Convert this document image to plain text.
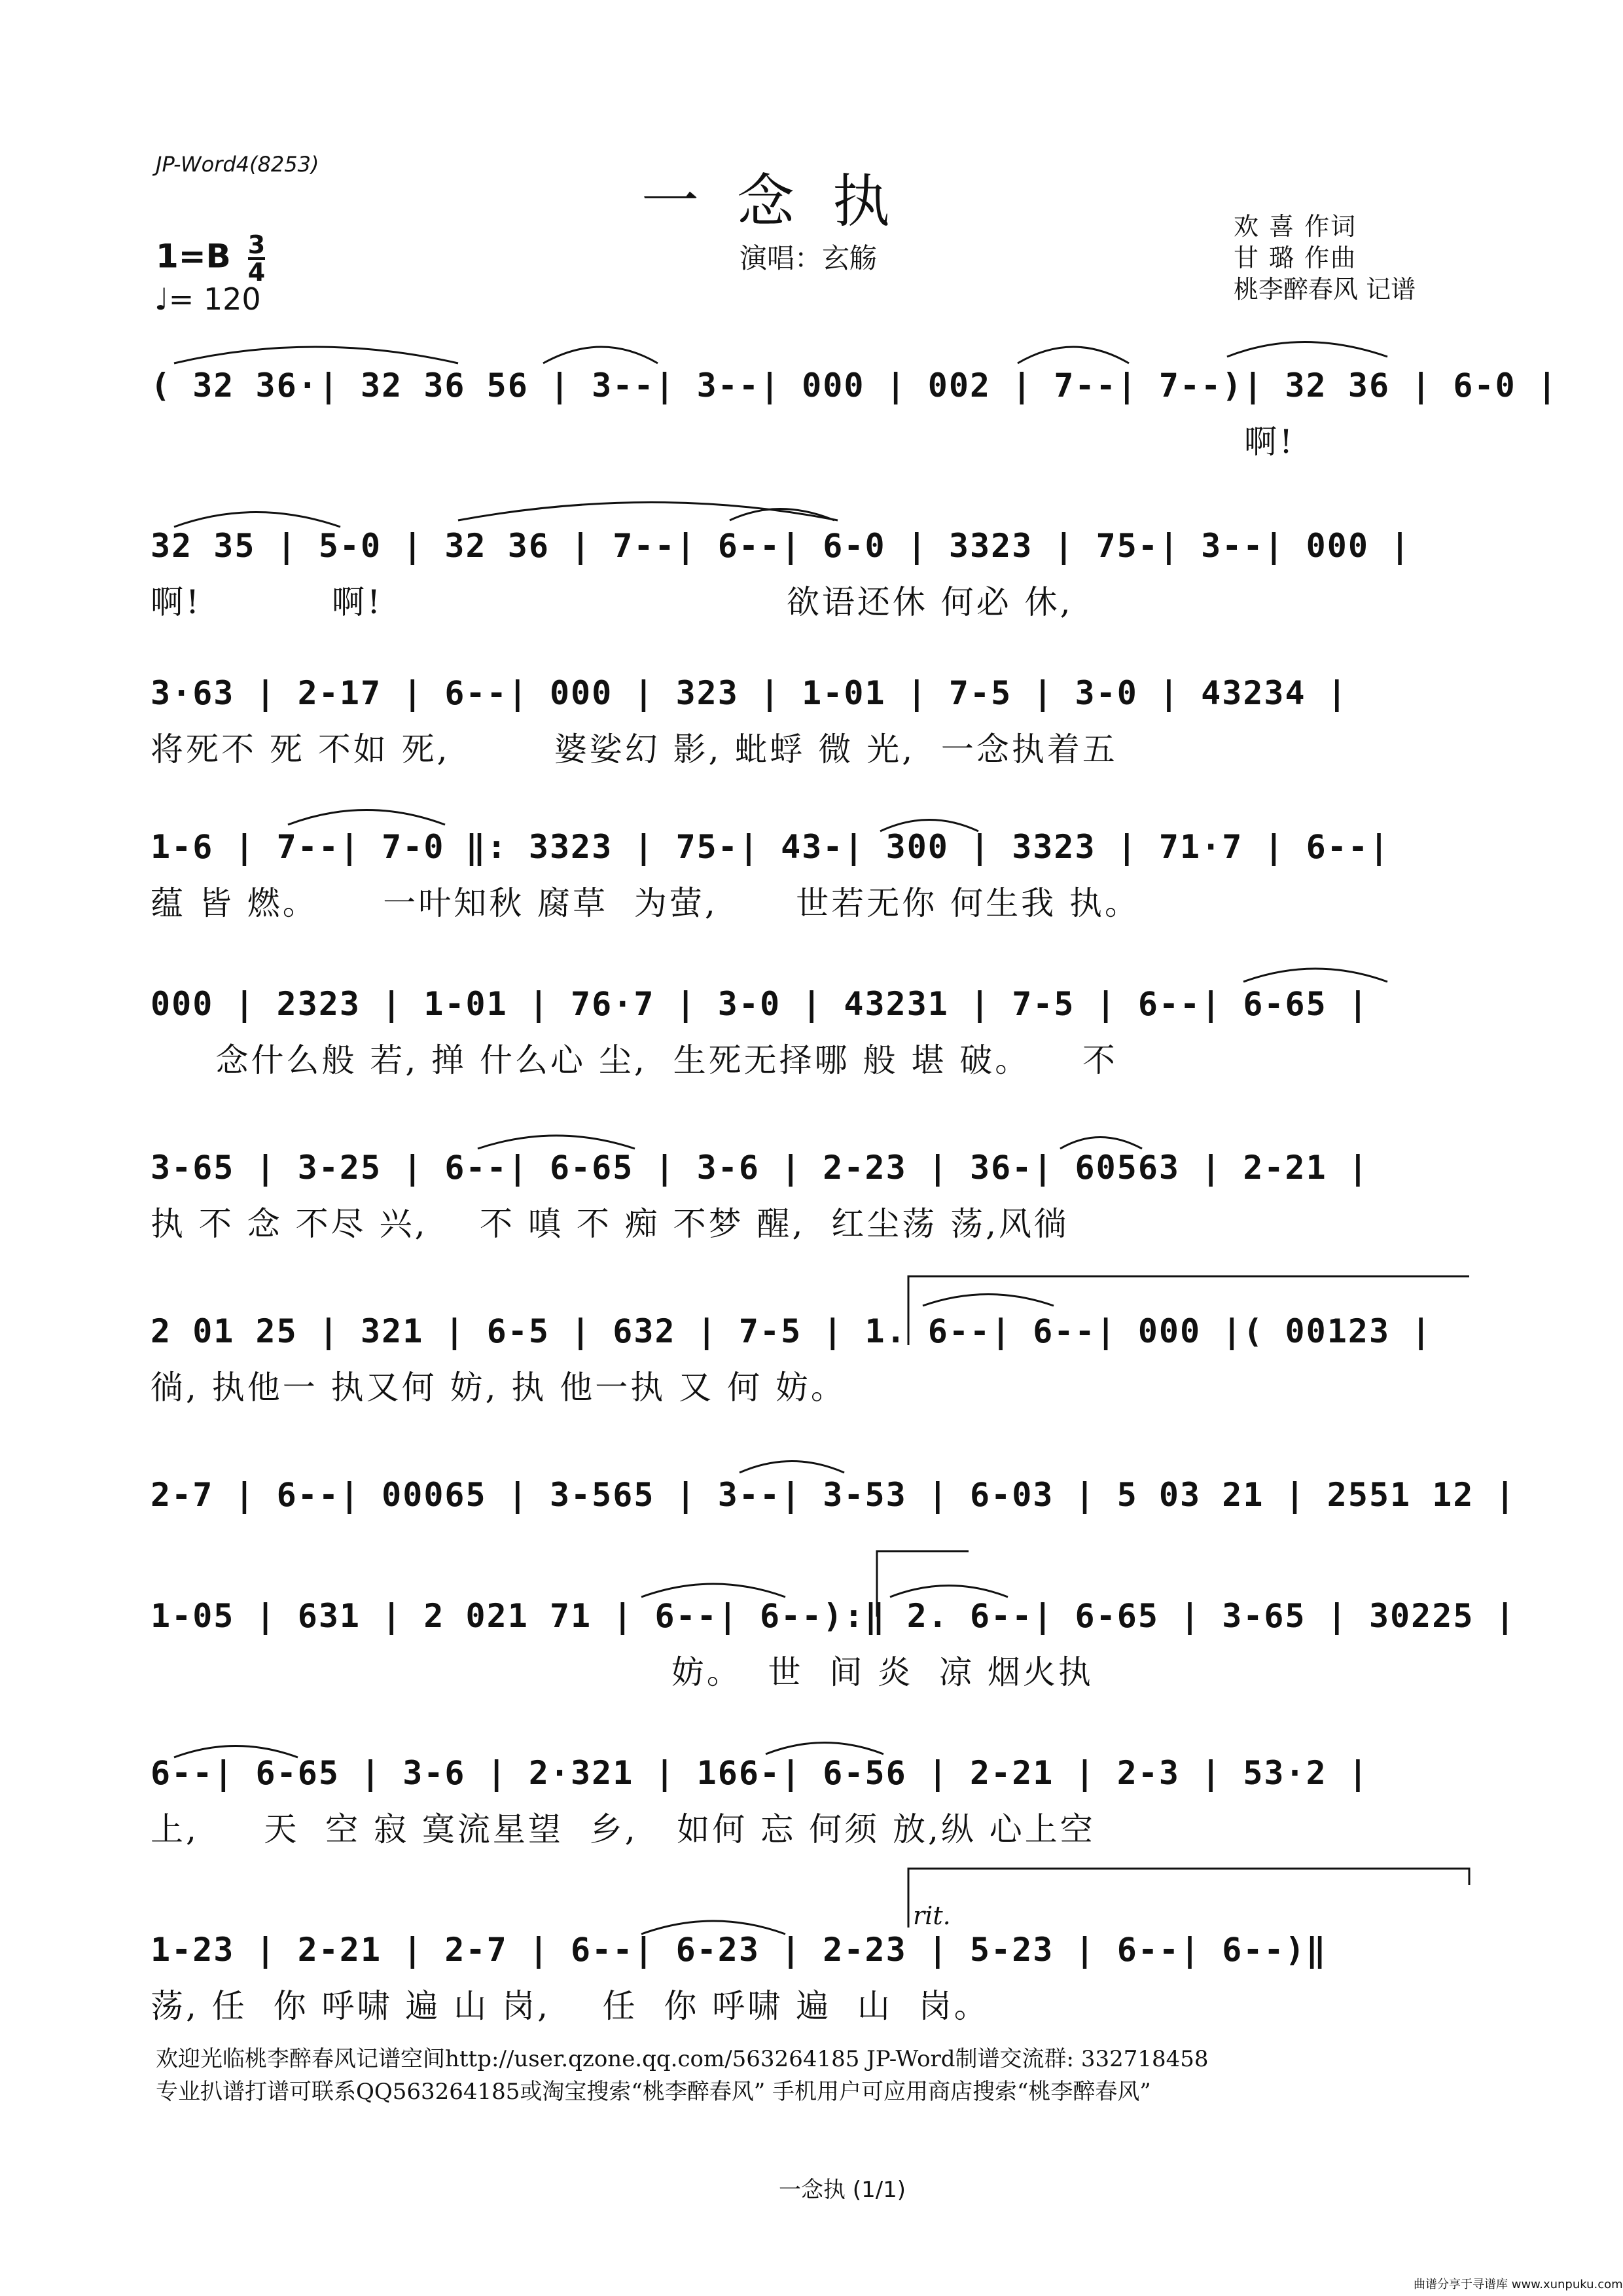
JP-Word4(8253)
一念执
$1=B \frac{3}{4}$
♩= 120
演唱：玄觞
欢 喜 作词
甘 璐 作曲
桃李醉春风 记谱
( 32 36·| 32 36 56 | 3--| 3--| 000 | 002 | 7--| 7--)| 32 36 | 6-0 |
啊!
32 35 | 5-0 | 32 36 | 7--| 6--| 6-0 | 3323 | 75-| 3--| 000 |
啊!          啊!                               欲语还休 何必 休,
3·63 | 2-17 | 6--| 000 | 323 | 1-01 | 7-5 | 3-0 | 43234 |
将死不 死 不如 死,        婆娑幻 影, 蚍蜉 微 光,  一念执着五
1-6 | 7--| 7-0 ‖: 3323 | 75-| 43-| 300 | 3323 | 71·7 | 6--|
蕴 皆 燃。     一叶知秋 腐草  为萤,      世若无你 何生我 执。
000 | 2323 | 1-01 | 76·7 | 3-0 | 43231 | 7-5 | 6--| 6-65 |
念什么般 若, 掸 什么心 尘,  生死无择哪 般 堪 破。    不
3-65 | 3-25 | 6--| 6-65 | 3-6 | 2-23 | 36-| 60563 | 2-21 |
执 不 念 不尽 兴,    不 嗔 不 痴 不梦 醒,  红尘荡 荡,风徜
2 01 25 | 321 | 6-5 | 632 | 7-5 | 1. 6--| 6--| 000 |( 00123 |
徜, 执他一 执又何 妨, 执 他一执 又 何 妨。
2-7 | 6--| 00065 | 3-565 | 3--| 3-53 | 6-03 | 5 03 21 | 2551 12 |
1-05 | 631 | 2 021 71 | 6--| 6--):‖ 2. 6--| 6-65 | 3-65 | 30225 |
妨。  世  间 炎  凉 烟火执
6--| 6-65 | 3-6 | 2·321 | 166-| 6-56 | 2-21 | 2-3 | 53·2 |
上,     天  空 寂 寞流星望  乡,   如何 忘 何须 放,纵 心上空
1-23 | 2-21 | 2-7 | 6--| 6-23 | 2-23 | 5-23 | 6--| 6--)‖
荡, 任  你 呼啸 遍 山 岗,    任  你 呼啸 遍  山  岗。
rit.
欢迎光临桃李醉春风记谱空间http://user.qzone.qq.com/563264185 JP-Word制谱交流群: 332718458
专业扒谱打谱可联系QQ563264185或淘宝搜索“桃李醉春风” 手机用户可应用商店搜索“桃李醉春风”
一念执 (1/1)
曲谱分享于寻谱库 www.xunpuku.com
